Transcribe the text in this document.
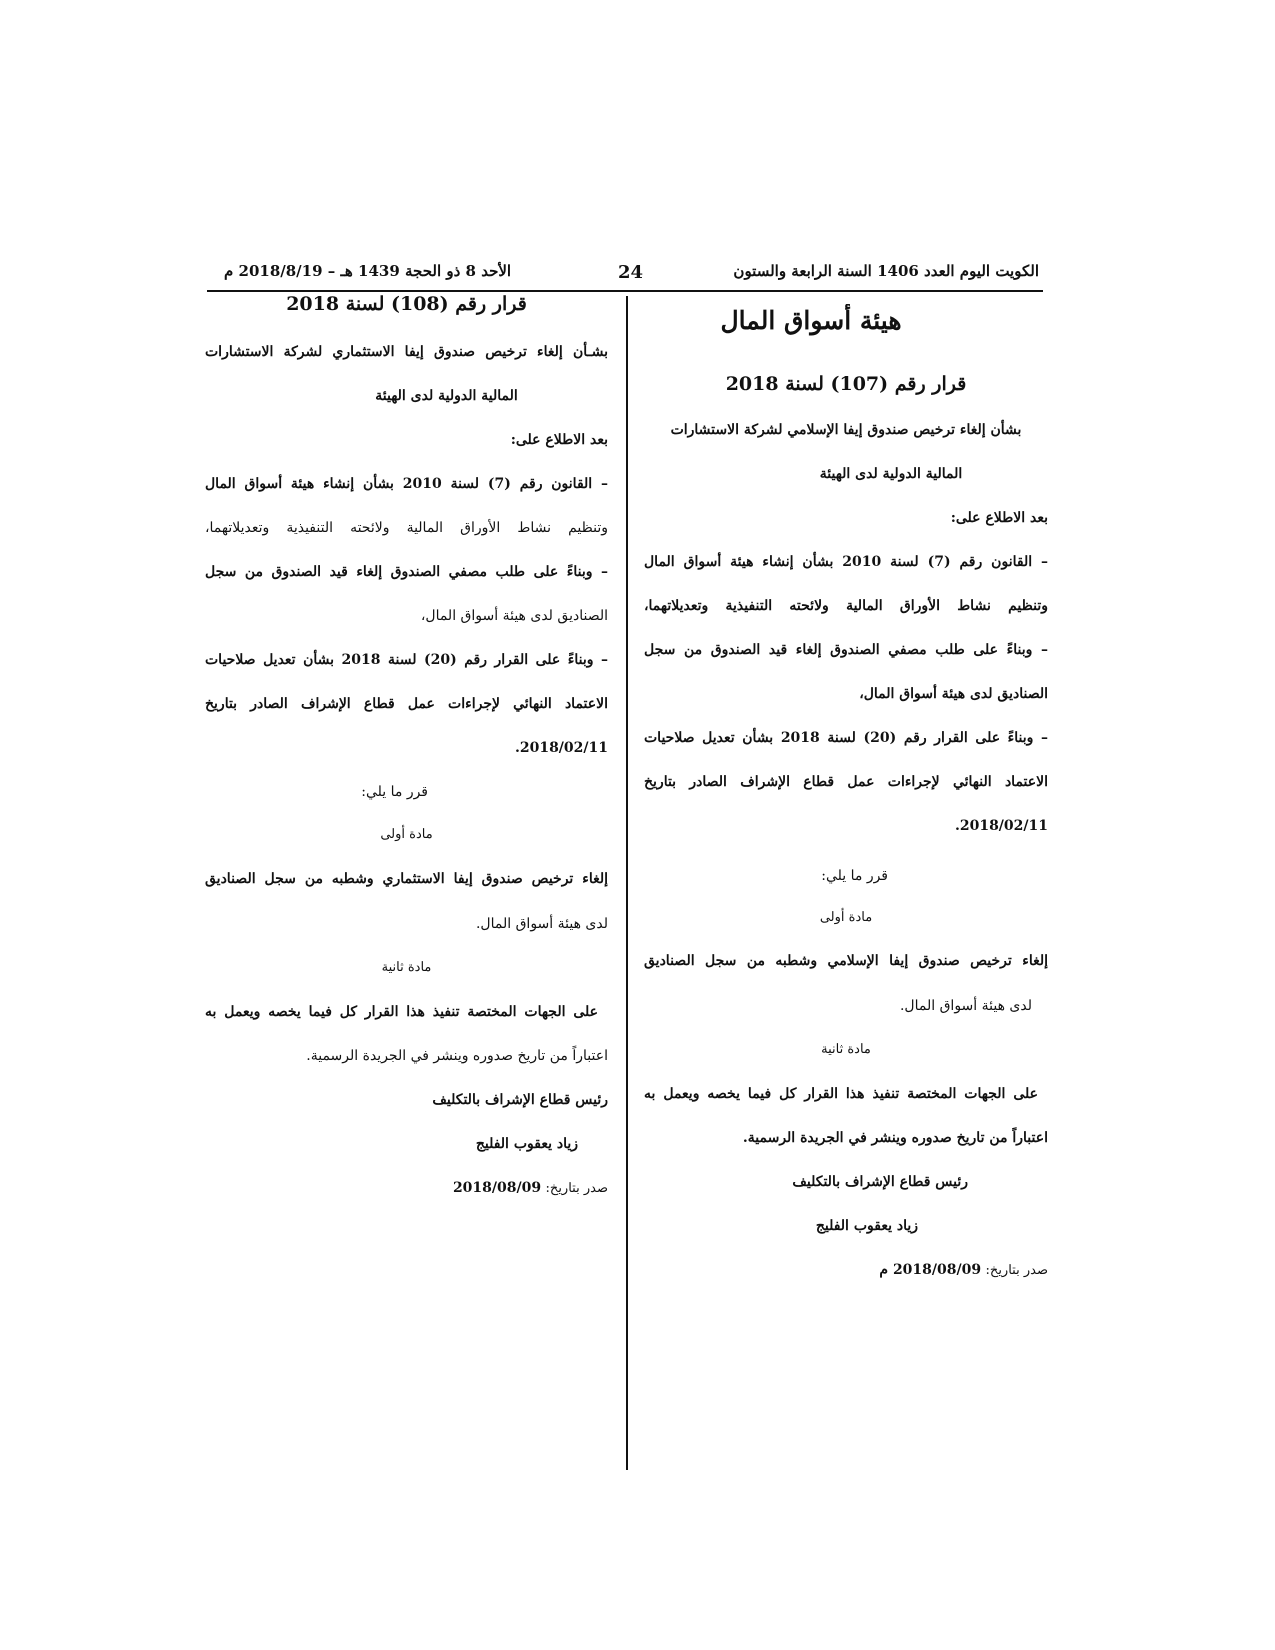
الكويت اليوم العدد 1406 السنة الرابعة والستون
24
الأحد 8 ذو الحجة 1439 هـ – 2018/8/19 م
هيئة أسواق المال
قرار رقم (107) لسنة 2018
بشأن إلغاء ترخيص صندوق إيفا الإسلامي لشركة الاستشارات
المالية الدولية لدى الهيئة
بعد الاطلاع على:
– القانون رقم (7) لسنة 2010 بشأن إنشاء هيئة أسواق المال
وتنظيم نشاط الأوراق المالية ولائحته التنفيذية وتعديلاتهما،
– وبناءً على طلب مصفي الصندوق إلغاء قيد الصندوق من سجل
الصناديق لدى هيئة أسواق المال،
– وبناءً على القرار رقم (20) لسنة 2018 بشأن تعديل صلاحيات
الاعتماد النهائي لإجراءات عمل قطاع الإشراف الصادر بتاريخ
2018/02/11.
قرر ما يلي:
مادة أولى
إلغاء ترخيص صندوق إيفا الإسلامي وشطبه من سجل الصناديق
لدى هيئة أسواق المال.
مادة ثانية
على الجهات المختصة تنفيذ هذا القرار كل فيما يخصه ويعمل به
اعتباراً من تاريخ صدوره وينشر في الجريدة الرسمية.
رئيس قطاع الإشراف بالتكليف
زياد يعقوب الفليج
صدر بتاريخ: 2018/08/09 م
قرار رقم (108) لسنة 2018
بشـأن إلغاء ترخيص صندوق إيفا الاستثماري لشركة الاستشارات
المالية الدولية لدى الهيئة
بعد الاطلاع على:
– القانون رقم (7) لسنة 2010 بشأن إنشاء هيئة أسواق المال
وتنظيم نشاط الأوراق المالية ولائحته التنفيذية وتعديلاتهما،
– وبناءً على طلب مصفي الصندوق إلغاء قيد الصندوق من سجل
الصناديق لدى هيئة أسواق المال،
– وبناءً على القرار رقم (20) لسنة 2018 بشأن تعديل صلاحيات
الاعتماد النهائي لإجراءات عمل قطاع الإشراف الصادر بتاريخ
2018/02/11.
قرر ما يلي:
مادة أولى
إلغاء ترخيص صندوق إيفا الاستثماري وشطبه من سجل الصناديق
لدى هيئة أسواق المال.
مادة ثانية
على الجهات المختصة تنفيذ هذا القرار كل فيما يخصه ويعمل به
اعتباراً من تاريخ صدوره وينشر في الجريدة الرسمية.
رئيس قطاع الإشراف بالتكليف
زياد يعقوب الفليج
صدر بتاريخ: 2018/08/09
